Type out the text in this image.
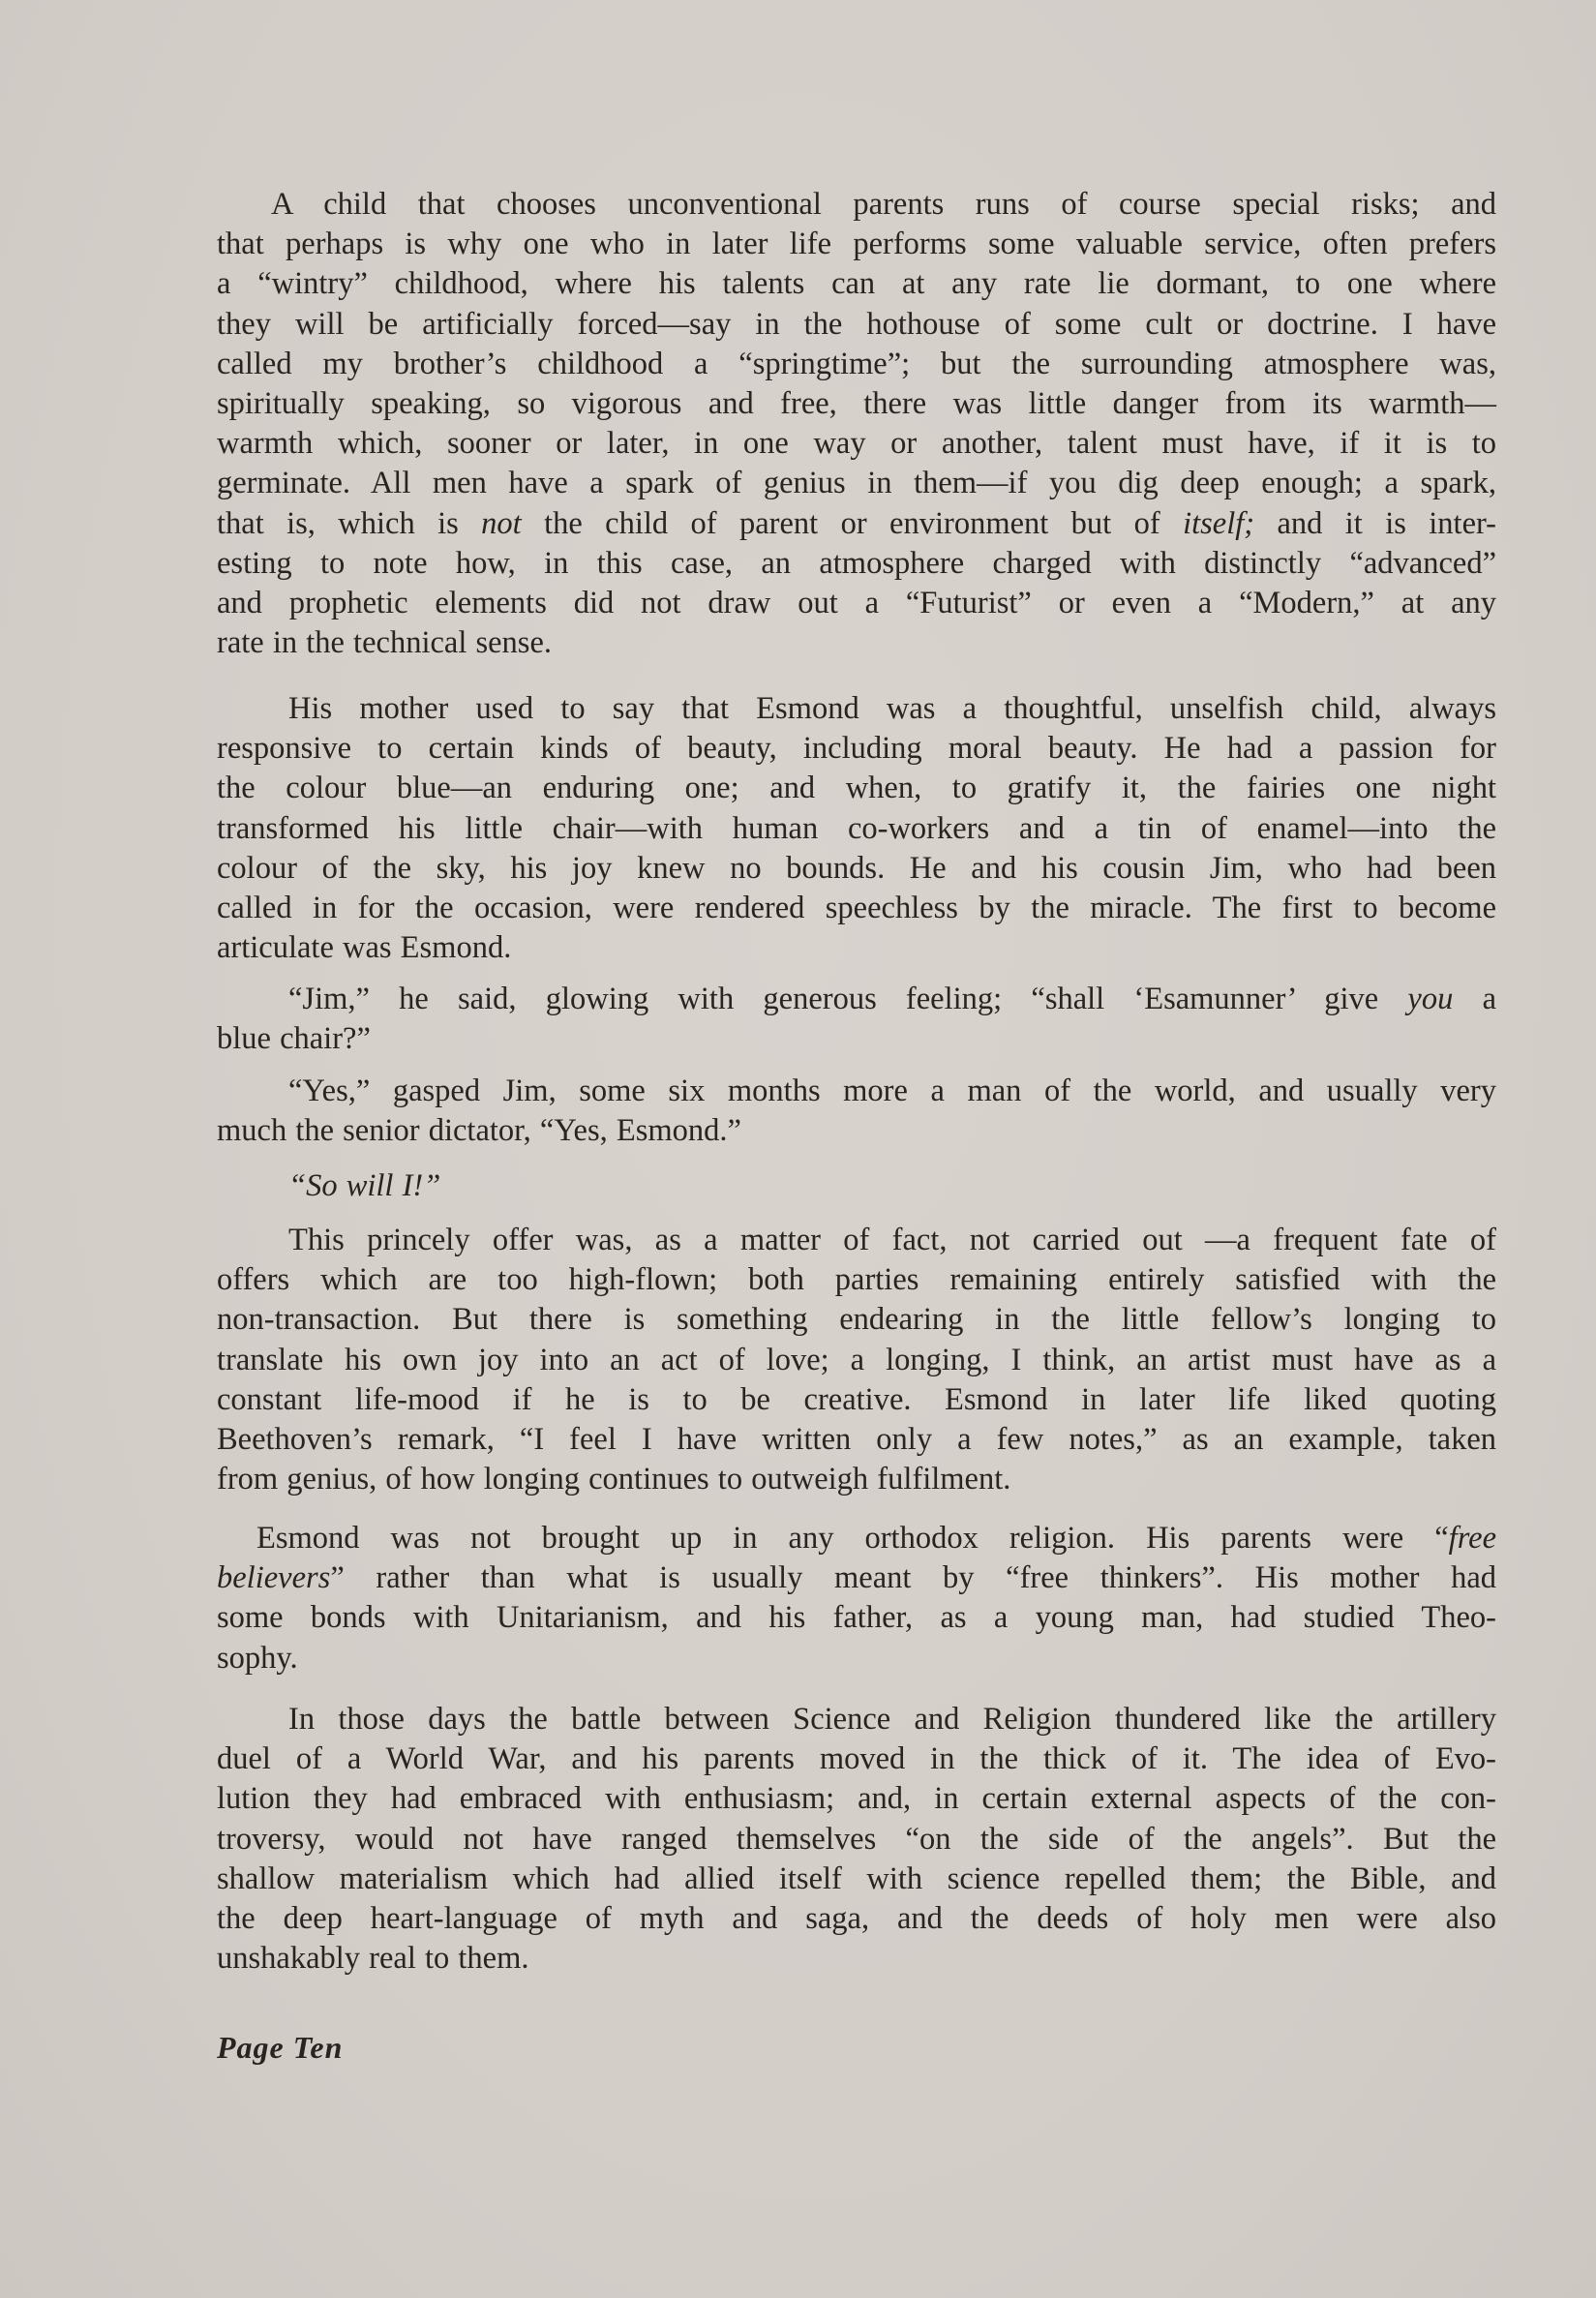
A child that chooses unconventional parents runs of course special risks; and
that perhaps is why one who in later life performs some valuable service, often prefers
a “wintry” childhood, where his talents can at any rate lie dormant, to one where
they will be artificially forced—say in the hothouse of some cult or doctrine. I have
called my brother’s childhood a “springtime”; but the surrounding atmosphere was,
spiritually speaking, so vigorous and free, there was little danger from its warmth—
warmth which, sooner or later, in one way or another, talent must have, if it is to
germinate. All men have a spark of genius in them—if you dig deep enough; a spark,
that is, which is not the child of parent or environment but of itself; and it is inter-
esting to note how, in this case, an atmosphere charged with distinctly “advanced”
and prophetic elements did not draw out a “Futurist” or even a “Modern,” at any
rate in the technical sense.
His mother used to say that Esmond was a thoughtful, unselfish child, always
responsive to certain kinds of beauty, including moral beauty. He had a passion for
the colour blue—an enduring one; and when, to gratify it, the fairies one night
transformed his little chair—with human co-workers and a tin of enamel—into the
colour of the sky, his joy knew no bounds. He and his cousin Jim, who had been
called in for the occasion, were rendered speechless by the miracle. The first to become
articulate was Esmond.
“Jim,” he said, glowing with generous feeling; “shall ‘Esamunner’ give you a
blue chair?”
“Yes,” gasped Jim, some six months more a man of the world, and usually very
much the senior dictator, “Yes, Esmond.”
“So will I!”
This princely offer was, as a matter of fact, not carried out —a frequent fate of
offers which are too high-flown; both parties remaining entirely satisfied with the
non-transaction. But there is something endearing in the little fellow’s longing to
translate his own joy into an act of love; a longing, I think, an artist must have as a
constant life-mood if he is to be creative. Esmond in later life liked quoting
Beethoven’s remark, “I feel I have written only a few notes,” as an example, taken
from genius, of how longing continues to outweigh fulfilment.
Esmond was not brought up in any orthodox religion. His parents were “free
believers” rather than what is usually meant by “free thinkers”. His mother had
some bonds with Unitarianism, and his father, as a young man, had studied Theo-
sophy.
In those days the battle between Science and Religion thundered like the artillery
duel of a World War, and his parents moved in the thick of it. The idea of Evo-
lution they had embraced with enthusiasm; and, in certain external aspects of the con-
troversy, would not have ranged themselves “on the side of the angels”. But the
shallow materialism which had allied itself with science repelled them; the Bible, and
the deep heart-language of myth and saga, and the deeds of holy men were also
unshakably real to them.
Page Ten
